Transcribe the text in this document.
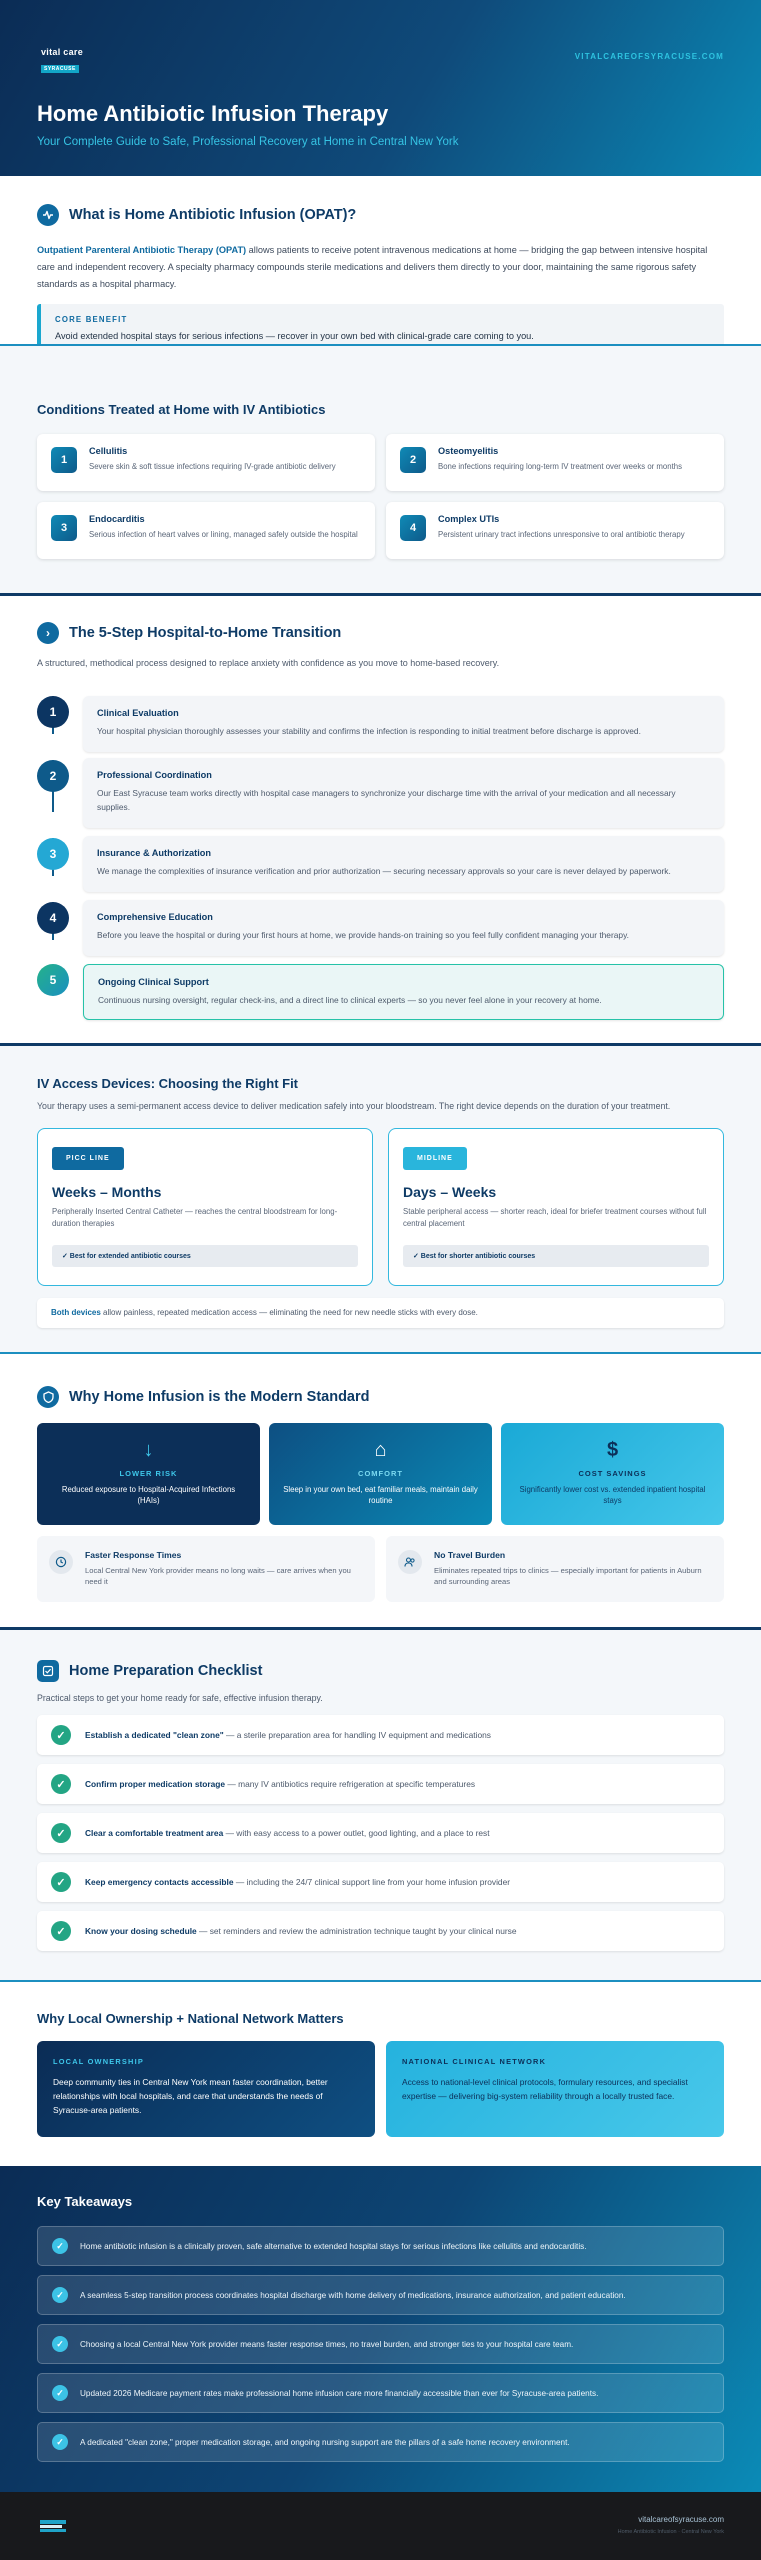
vital care
SYRACUSE
VITALCAREOFSYRACUSE.COM
Home Antibiotic Infusion Therapy
Your Complete Guide to Safe, Professional Recovery at Home in Central New York
What is Home Antibiotic Infusion (OPAT)?
Outpatient Parenteral Antibiotic Therapy (OPAT) allows patients to receive potent intravenous medications at home — bridging the gap between intensive hospital care and independent recovery. A specialty pharmacy compounds sterile medications and delivers them directly to your door, maintaining the same rigorous safety standards as a hospital pharmacy.
CORE BENEFIT
Avoid extended hospital stays for serious infections — recover in your own bed with clinical-grade care coming to you.
Conditions Treated at Home with IV Antibiotics
1
Cellulitis
Severe skin & soft tissue infections requiring IV-grade antibiotic delivery
2
Osteomyelitis
Bone infections requiring long-term IV treatment over weeks or months
3
Endocarditis
Serious infection of heart valves or lining, managed safely outside the hospital
4
Complex UTIs
Persistent urinary tract infections unresponsive to oral antibiotic therapy
›	The 5-Step Hospital-to-Home Transition
A structured, methodical process designed to replace anxiety with confidence as you move to home-based recovery.
1
2
3
4
5
Clinical Evaluation
Your hospital physician thoroughly assesses your stability and confirms the infection is responding to initial treatment before discharge is approved.
Professional Coordination
Our East Syracuse team works directly with hospital case managers to synchronize your discharge time with the arrival of your medication and all necessary supplies.
Insurance & Authorization
We manage the complexities of insurance verification and prior authorization — securing necessary approvals so your care is never delayed by paperwork.
Comprehensive Education
Before you leave the hospital or during your first hours at home, we provide hands-on training so you feel fully confident managing your therapy.
Ongoing Clinical Support
Continuous nursing oversight, regular check-ins, and a direct line to clinical experts — so you never feel alone in your recovery at home.
IV Access Devices: Choosing the Right Fit
Your therapy uses a semi-permanent access device to deliver medication safely into your bloodstream. The right device depends on the duration of your treatment.
PICC LINE
Weeks – Months
Peripherally Inserted Central Catheter — reaches the central bloodstream for long-duration therapies
✓ Best for extended antibiotic courses
MIDLINE
Days – Weeks
Stable peripheral access — shorter reach, ideal for briefer treatment courses without full central placement
✓ Best for shorter antibiotic courses
Both devices allow painless, repeated medication access — eliminating the need for new needle sticks with every dose.
Why Home Infusion is the Modern Standard
↓
LOWER RISK
Reduced exposure to Hospital-Acquired Infections (HAIs)
⌂
COMFORT
Sleep in your own bed, eat familiar meals, maintain daily routine
$
COST SAVINGS
Significantly lower cost vs. extended inpatient hospital stays
Faster Response Times
Local Central New York provider means no long waits — care arrives when you need it
No Travel Burden
Eliminates repeated trips to clinics — especially important for patients in Auburn and surrounding areas
Home Preparation Checklist
Practical steps to get your home ready for safe, effective infusion therapy.
✓	Establish a dedicated "clean zone" — a sterile preparation area for handling IV equipment and medications
✓	Confirm proper medication storage — many IV antibiotics require refrigeration at specific temperatures
✓	Clear a comfortable treatment area — with easy access to a power outlet, good lighting, and a place to rest
✓	Keep emergency contacts accessible — including the 24/7 clinical support line from your home infusion provider
✓	Know your dosing schedule — set reminders and review the administration technique taught by your clinical nurse
Why Local Ownership + National Network Matters
LOCAL OWNERSHIP
Deep community ties in Central New York mean faster coordination, better relationships with local hospitals, and care that understands the needs of Syracuse-area patients.
NATIONAL CLINICAL NETWORK
Access to national-level clinical protocols, formulary resources, and specialist expertise — delivering big-system reliability through a locally trusted face.
Key Takeaways
✓	Home antibiotic infusion is a clinically proven, safe alternative to extended hospital stays for serious infections like cellulitis and endocarditis.
✓	A seamless 5-step transition process coordinates hospital discharge with home delivery of medications, insurance authorization, and patient education.
✓	Choosing a local Central New York provider means faster response times, no travel burden, and stronger ties to your hospital care team.
✓	Updated 2026 Medicare payment rates make professional home infusion care more financially accessible than ever for Syracuse-area patients.
✓	A dedicated "clean zone," proper medication storage, and ongoing nursing support are the pillars of a safe home recovery environment.
vitalcareofsyracuse.com
Home Antibiotic Infusion · Central New York
